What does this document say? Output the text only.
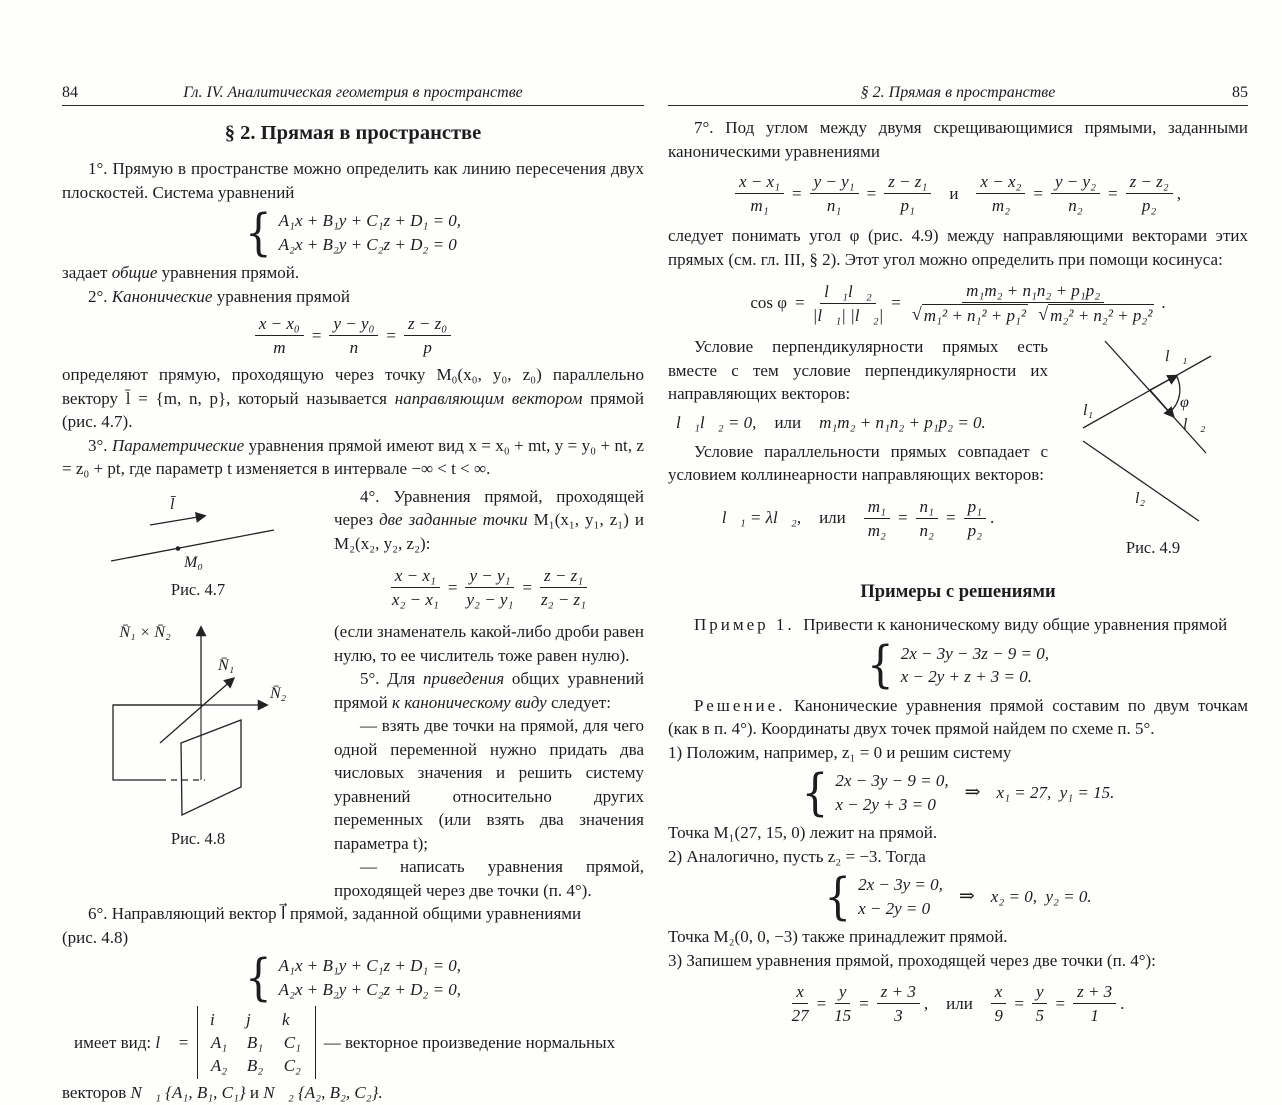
84	Гл. IV. Аналитическая геометрия в пространстве
§ 2. Прямая в пространстве

1°. Прямую в пространстве можно определить как линию пересечения двух плоскостей. Система уравнений

{ A₁x + B₁y + C₁z + D₁ = 0,
A₂x + B₂y + C₂z + D₂ = 0

задает общие уравнения прямой.

2°. Канонические уравнения прямой

$\frac{\text{x − x₀}}{m} = \frac{\text{y − y₀}}{n} = \frac{\text{z − z₀}}{p}$

определяют прямую, проходящую через точку M₀(x₀, y₀, z₀) параллельно вектору l̄ = {m, n, p}, который называется направляющим вектором прямой (рис. 4.7).

3°. Параметрические уравнения прямой имеют вид x = x₀ + mt, y = y₀ + nt, z = z₀ + pt, где параметр t изменяется в интервале −∞ < t < ∞.

l̄
M₀
Рис. 4.7
N̄₁ × N̄₂
N̄₁
N̄₂
Рис. 4.8

4°. Уравнения прямой, проходящей через две заданные точки M₁(x₁, y₁, z₁) и M₂(x₂, y₂, z₂):

$\frac{\text{x − x₁}}{\text{x₂ − x₁}} = \frac{\text{y − y₁}}{\text{y₂ − y₁}} = \frac{\text{z − z₁}}{\text{z₂ − z₁}}$

(если знаменатель какой-либо дроби равен нулю, то ее числитель тоже равен нулю).

5°. Для приведения общих уравнений прямой к каноническому виду следует:

— взять две точки на прямой, для чего одной переменной нужно придать два числовых значения и решить систему уравнений относительно других переменных (или взять два значения параметра t);

— написать уравнения прямой, проходящей через две точки (п. 4°).

6°. Направляющий вектор l⃗ прямой, заданной общими уравнениями

(рис. 4.8)

{ A₁x + B₁y + C₁z + D₁ = 0,
A₂x + B₂y + C₂z + D₂ = 0,
имеет вид:
l⃗ =
i⃗ j⃗ k⃗
A₁ B₁ C₁
A₂ B₂ C₂
— векторное произведение нормальных

векторов N⃗₁ {A₁, B₁, C₁} и N⃗₂ {A₂, B₂, C₂}.

§ 2. Прямая в пространстве	85

7°. Под углом между двумя скрещивающимися прямыми, заданными каноническими уравнениями

$\frac{\text{x − x₁}}{\text{m₁}} = \frac{\text{y − y₁}}{\text{n₁}} = \frac{\text{z − z₁}}{\text{p₁}}$ и $\frac{\text{x − x₂}}{\text{m₂}} = \frac{\text{y − y₂}}{\text{n₂}} = \frac{\text{z − z₂}}{\text{p₂}}$ ,

следует понимать угол φ (рис. 4.9) между направляющими векторами этих прямых (см. гл. III, § 2). Этот угол можно определить при помощи косинуса:

$\cos \varphi = \frac{\text{l⃗₁l⃗₂}}{\text{|l⃗₁| |l⃗₂|}} = m_1m_2 + n_1n_2 + p_1p_2$
√ m₁² + n₁² + p₁²
√ m₂² + n₂² + p₂² .
l⃗₁
l₁	φ
l⃗₂
l₂
Рис. 4.9

Условие перпендикулярности прямых есть вместе с тем условие перпендикулярности их направляющих векторов:

l⃗₁l⃗₂ = 0, или m₁m₂ + n₁n₂ + p₁p₂ = 0.

Условие параллельности прямых совпадает с условием коллинеарности направляющих векторов:

l⃗₁ = λl⃗₂, или $\frac{\text{m₁}}{\text{m₂}} = \frac{\text{n₁}}{\text{n₂}} = \frac{\text{p₁}}{\text{p₂}}$ .
Примеры с решениями

Пример 1. Привести к каноническому виду общие уравнения прямой

{ 2x − 3y − 3z − 9 = 0,
x − 2y + z + 3 = 0.

Решение. Канонические уравнения прямой составим по двум точкам (как в п. 4°). Координаты двух точек прямой найдем по схеме п. 5°.

1) Положим, например, z₁ = 0 и решим систему

{ 2x − 3y − 9 = 0,
x − 2y + 3 = 0
⇒ x₁ = 27,  y₁ = 15.

Точка M₁(27, 15, 0) лежит на прямой.

2) Аналогично, пусть z₂ = −3. Тогда

{ 2x − 3y = 0,
x − 2y = 0
⇒ x₂ = 0,  y₂ = 0.

Точка M₂(0, 0, −3) также принадлежит прямой.

3) Запишем уравнения прямой, проходящей через две точки (п. 4°):

$\frac{x}{27} = \frac{y}{15} = \frac{z + 3}{3}$ , или $\frac{x}{9} = \frac{y}{5} = \frac{z + 3}{1}$ .
